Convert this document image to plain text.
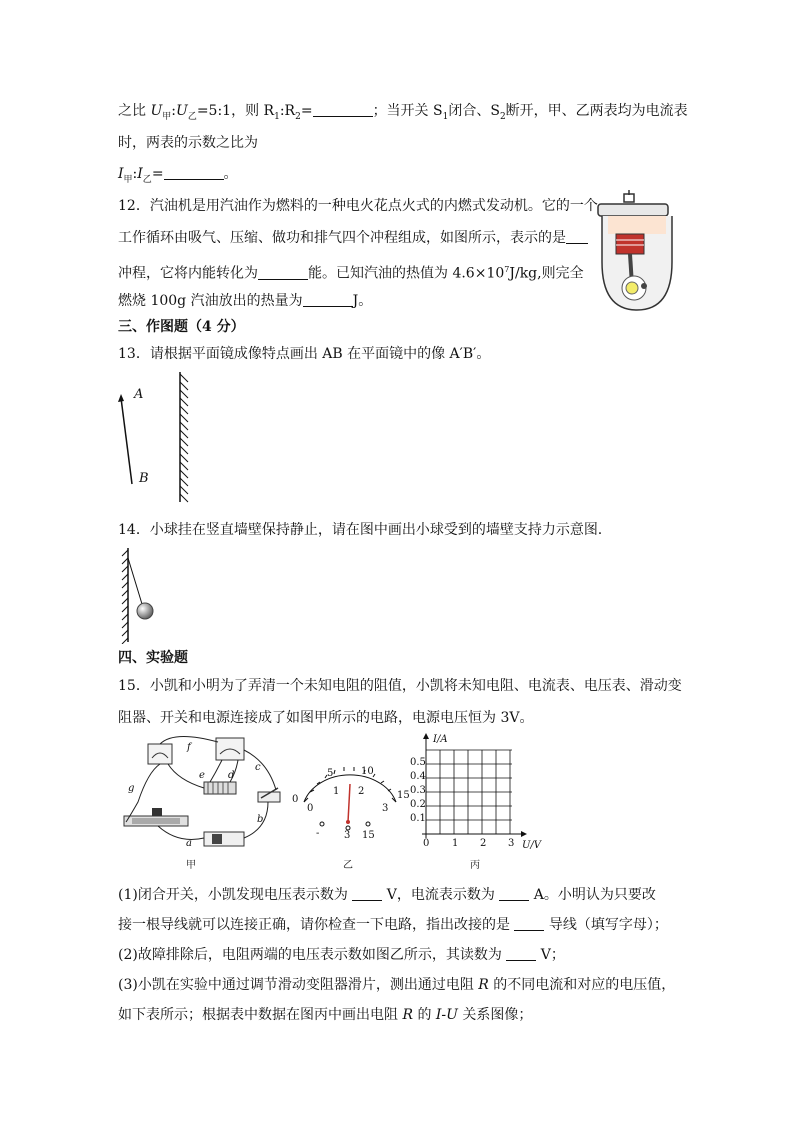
之比 $U_甲:U_乙=5:1$，则 $R_1:R_2=$	；当开关 $S_1$闭合、$S_2$断开，甲、乙两表均为电流表
时，两表的示数之比为
$I_甲:I_乙=$	。
12．汽油机是用汽油作为燃料的一种电火花点火式的内燃式发动机。它的一个
工作循环由吸气、压缩、做功和排气四个冲程组成，如图所示，表示的是
冲程，它将内能转化为	能。已知汽油的热值为 $4.6\times 10^7J/kg$,则完全
燃烧 100g 汽油放出的热量为	J。
三、作图题（4 分）
13．请根据平面镜成像特点画出 AB 在平面镜中的像 A′B′。
A
B
14．小球挂在竖直墙壁保持静止，请在图中画出小球受到的墙壁支持力示意图.
四、实验题
15．小凯和小明为了弄清一个未知电阻的阻值，小凯将未知电阻、电流表、电压表、滑动变
阻器、开关和电源连接成了如图甲所示的电路，电源电压恒为 3V。
f
e d
c
g
b
a
甲
0
5	10
15
0
1 2
3
- 3 15
乙
I/A
0.5
0.4
0.3
0.2
0.1
0 1 2 3 U/V
丙
(1)闭合开关，小凯发现电压表示数为  V，电流表示数为  A。小明认为只要改
接一根导线就可以连接正确，请你检查一下电路，指出改接的是  导线（填写字母）；
(2)故障排除后，电阻两端的电压表示数如图乙所示，其读数为  V；
(3)小凯在实验中通过调节滑动变阻器滑片，测出通过电阻 R 的不同电流和对应的电压值，
如下表所示；根据表中数据在图丙中画出电阻 R 的 I-U 关系图像；
